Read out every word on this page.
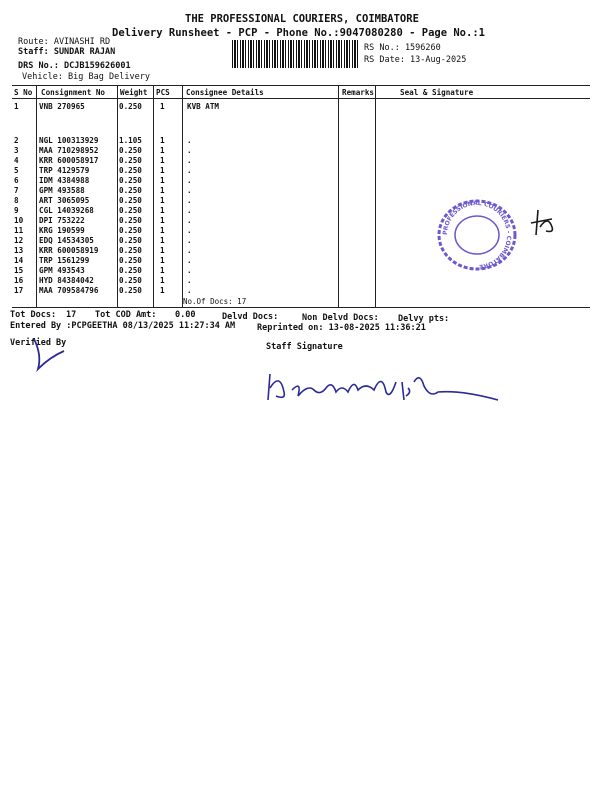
THE PROFESSIONAL COURIERS, COIMBATORE
Delivery Runsheet - PCP - Phone No.:9047080280 - Page No.:1
Route: AVINASHI RD
Staff: SUNDAR RAJAN
DRS No.: DCJB159626001
Vehicle: Big Bag Delivery
RS No.: 1596260
RS Date: 13-Aug-2025
S No Consignment No Weight PCS Consignee Details	Remarks	Seal & Signature
1	VNB 270965	0.250 1	KVB ATM
2	NGL 100313929	1.105 1	.
3	MAA 710298952	0.250 1	.
4	KRR 600058917	0.250 1	.
5	TRP 4129579	0.250 1	.
6	IDM 4384988	0.250 1	.
7	GPM 493588	0.250 1	.
8	ART 3065095	0.250 1	.
9	CGL 14039268	0.250 1	.
10 DPI 753222	0.250 1	.
11 KRG 190599	0.250 1	.
12 EDQ 14534305	0.250 1	.
13 KRR 600058919	0.250 1	.
14 TRP 1561299	0.250 1	.
15 GPM 493543	0.250 1	.
16 HYD 84384042	0.250 1	.
17 MAA 709584796	0.250 1	.
No.Of Docs: 17
Tot Docs: 17 Tot COD Amt: 0.00	Delvd Docs:	Non Delvd Docs: Delvy pts:
Entered By :PCPGEETHA 08/13/2025 11:27:34 AM	Reprinted on: 13-08-2025 11:36:21
Verified By	Staff Signature
PROFESSIONAL COURIERS - COIMBATORE
